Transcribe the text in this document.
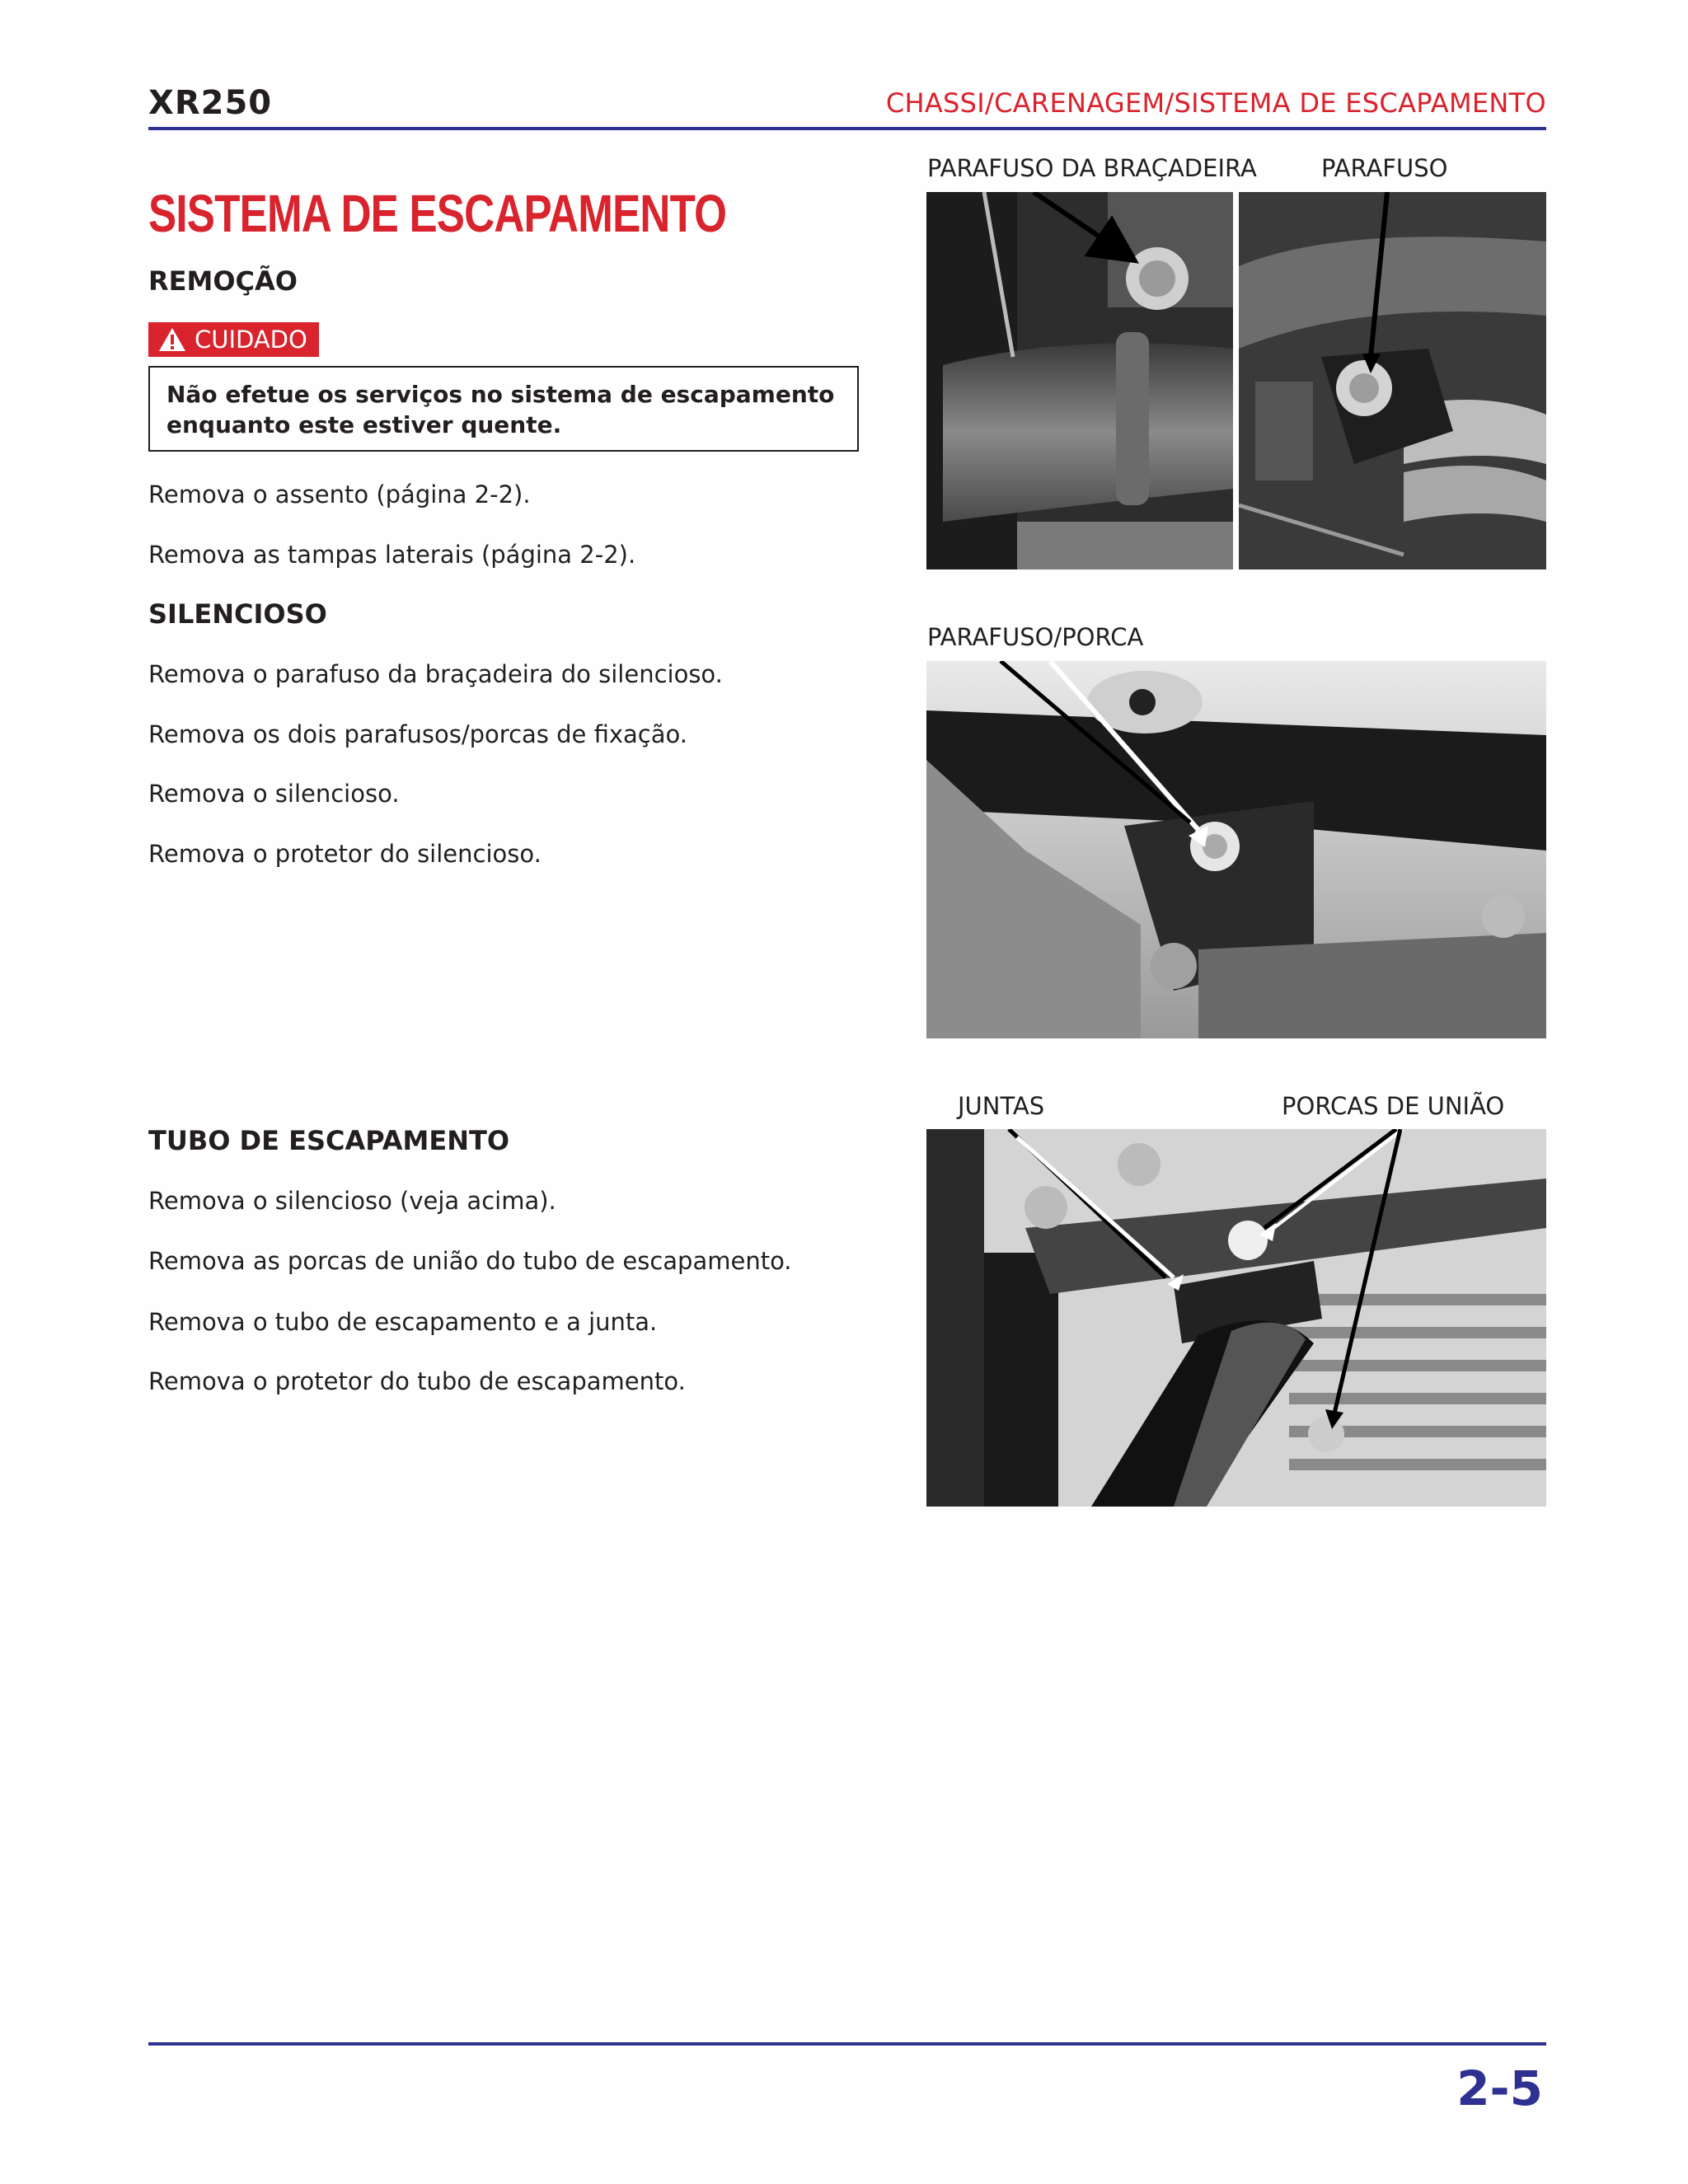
XR250	CHASSI/CARENAGEM/SISTEMA DE ESCAPAMENTO
SISTEMA DE ESCAPAMENTO
REMOÇÃO
CUIDADO
Não efetue os serviços no sistema de escapamento
enquanto este estiver quente.
Remova o assento (página 2-2).
Remova as tampas laterais (página 2-2).
SILENCIOSO
Remova o parafuso da braçadeira do silencioso.
Remova os dois parafusos/porcas de fixação.
Remova o silencioso.
Remova o protetor do silencioso.
TUBO DE ESCAPAMENTO
Remova o silencioso (veja acima).
Remova as porcas de união do tubo de escapamento.
Remova o tubo de escapamento e a junta.
Remova o protetor do tubo de escapamento.
PARAFUSO DA BRAÇADEIRA	PARAFUSO
PARAFUSO/PORCA
JUNTAS	PORCAS DE UNIÃO
2-5
